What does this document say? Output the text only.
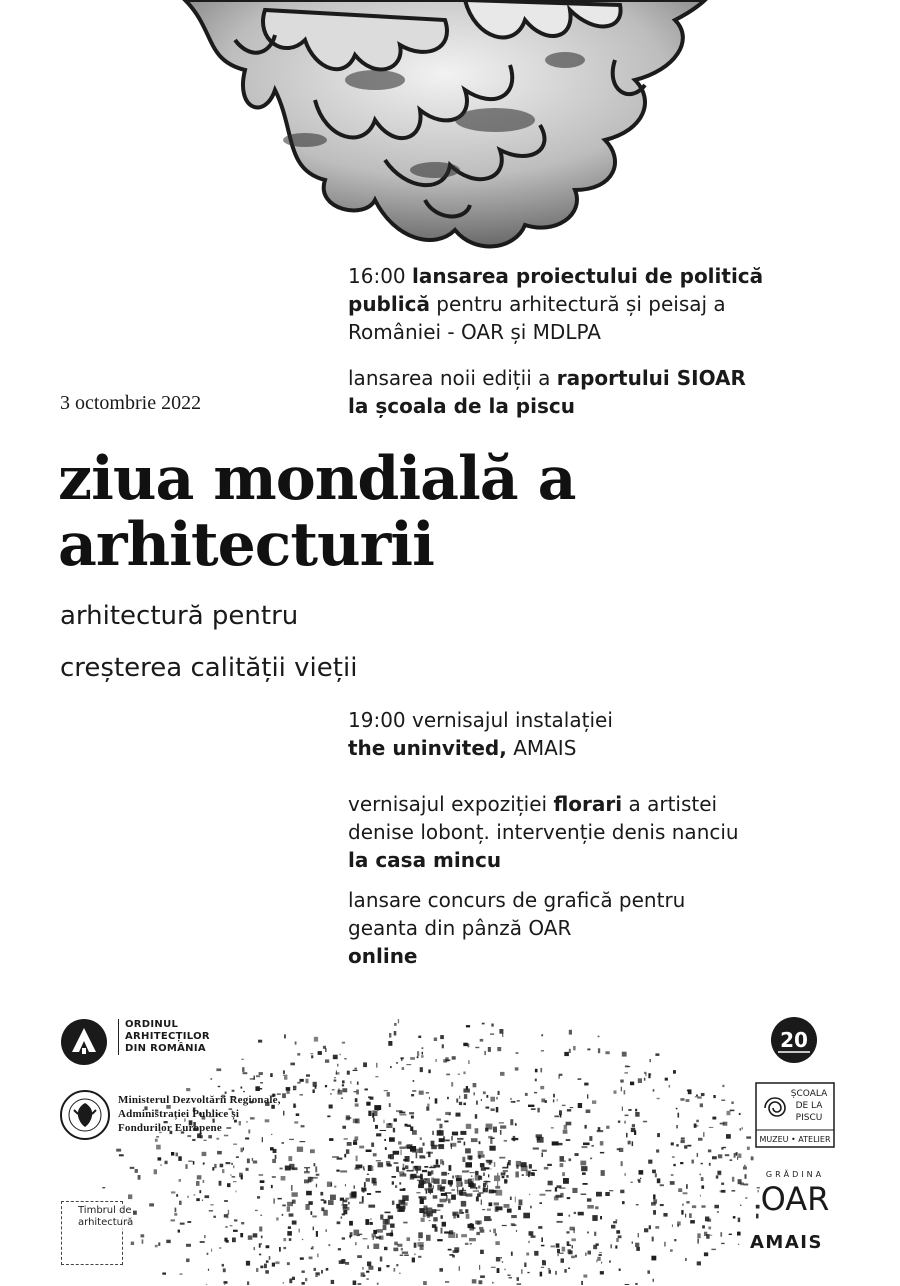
16:00 lansarea proiectului de politică
publică pentru arhitectură și peisaj a
României - OAR și MDLPA
lansarea noii ediții a raportului SIOAR
la școala de la piscu
3 octombrie 2022
ziua mondială a
arhitecturii
arhitectură pentru
creșterea calității vieții
19:00 vernisajul instalației
the uninvited, AMAIS
vernisajul expoziției florari a artistei
denise lobonț. intervenție denis nanciu
la casa mincu
lansare concurs de grafică pentru
geanta din pânză OAR
online
ORDINUL
ARHITECȚILOR
DIN ROMÂNIA
Ministerul Dezvoltării Regionale,
Administrației Publice și
Fondurilor Europene
Timbrul de
arhitectură
20
ȘCOALA
DE LA
PISCU
MUZEU • ATELIER
GRĂDINA
OAR
AMAIS
